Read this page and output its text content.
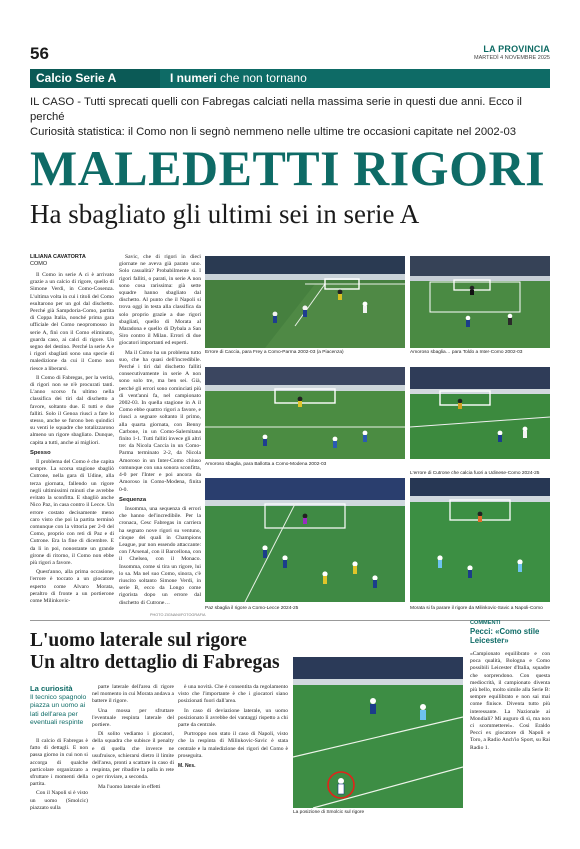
56	LA PROVINCIA
MARTEDÌ 4 NOVEMBRE 2025
Calcio Serie A	I numeri che non tornano
IL CASO - Tutti sprecati quelli con Fabregas calciati nella massima serie in questi due anni. Ecco il perché
Curiosità statistica: il Como non li segnò nemmeno nelle ultime tre occasioni capitate nel 2002-03
MALEDETTI RIGORI
Ha sbagliato gli ultimi sei in serie A
LILIANA CAVATORTA
COMO

Il Como in serie A ci è arrivato grazie a un calcio di rigore, quello di Simone Verdi, in Como-Cosenza. L'ultima volta in cui i titoli del Como esultarono per un gol dal dischetto. Perché già Sampdoria-Como, partita di Coppa Italia, nonché prima gara ufficiale del Como neopromosso in serie A, finì con il Como eliminato, guarda caso, ai calci di rigore. Un segno del destino. Perché la serie A e i rigori sbagliati sono una specie di maledizione da cui il Como non riesce a liberarsi.

Il Como di Fabregas, per la verità, di rigori non se n'è procurati tanti. L'anno scorso fu ultimo nella classifica dei tiri dal dischetto a favore, soltanto due. E tutti e due falliti. Solo il Genoa riuscì a fare lo stesso, anche se furono ben quindici su venti le squadre che totalizzarono almeno un rigore sbagliato. Dunque, capita a tutti, anche ai migliori.

Spesso

Il problema del Como è che capita sempre. La scorsa stagione sbagliò Cutrone, nella gara di Udine, alla terza giornata, fallendo un rigore negli ultimissimi minuti che avrebbe evitato la sconfitta. E sbagliò anche Nico Paz, in casa contro il Lecce. Un errore costato decisamente meno caro visto che poi la partita terminò comunque con la vittoria per 2-0 del Como, proprio con reti di Paz e di Cutrone. Era la fine di dicembre. E da lì in poi, nonostante un grande girone di ritorno, il Como non ebbe più rigori a favore.

Quest'anno, alla prima occasione, l'errore è toccato a un giocatore esperto come Alvaro Morata, peraltro di fronte a un portierone come Milinkovic-

Savic, che di rigori in dieci giornate ne aveva già parato uno. Solo casualità? Probabilmente sì. I rigori falliti, o parati, in serie A non sono cosa rarissima: già sette squadre hanno sbagliato dal dischetto. Al punto che il Napoli si trova oggi in testa alla classifica da solo proprio grazie a due rigori sbagliati, quello di Morata al Maradona e quello di Dybala a San Siro contro il Milan. Errori di due giocatori importanti ed esperti.

Ma il Como ha un problema tutto suo, che ha quasi dell'incredibile. Perché i tiri dal dischetto falliti consecutivamente in serie A non sono solo tre, ma ben sei. Già, perché gli errori sono cominciati più di vent'anni fa, nel campionato 2002-03. In quella stagione in A il Como ebbe quattro rigori a favore, e riuscì a segnare soltanto il primo, alla quarta giornata, con Benny Carbone, in un Como-Salernitana finito 1-1. Tutti falliti invece gli altri tre: da Nicola Caccia in un Como-Parma terminato 2-2, da Nicola Amoroso in un Inter-Como chiuso comunque con una sonora sconfitta, 4-0 per l'Inter e poi ancora da Amoroso in Como-Modena, finita 0-0.

Sequenza

Insomma, una sequenza di errori che hanno del'incredibile. Per la cronaca, Cesc Fabregas in carriera ha segnato nove rigori su ventuno, cinque dei quali in Champions League, pur non essendo attaccante: con l'Arsenal, con il Barcellona, con il Chelsea, con il Monaco. Insomma, come si tira un rigore, lui lo sa. Ma nel suo Como, sinora, c'è riuscito soltanto Simone Verdi, in serie B, ecco da Longo come rigorista dopo un errore dal dischetto di Cutrone…

Errore di Caccia, para Frey a Como-Parma 2002-03 (a Piacenza)	Amoroso sbaglia… para Toldo a Inter-Como 2002-03
Amoroso sbaglia, para Ballotta a Como-Modena 2002-03
L'errore di Cutrone che calcia fuori a Udinese-Como 2024-25
Paz sbaglia il rigore a Como-Lecce 2024-25	Morata si fa parare il rigore da Milinkovic-Savic a Napoli-Como
PHOTO ZIGNANI/FOTOGRAFIA
L'uomo laterale sul rigore
Un altro dettaglio di Fabregas
La curiosità
Il tecnico spagnolo piazza un uomo ai lati dell'area per eventuali respinte

Il calcio di Fabregas è fatto di dettagli. E non passa giorno in cui non si accorga di qualche particolare organizzato a sfruttare i momenti della partita.

Con il Napoli si è visto un uomo (Smolcic) piazzato sulla

parte laterale dell'area di rigore nel momento in cui Morata andava a battere il rigore.

Una mossa per sfruttare l'eventuale respinta laterale del portiere.

Di solito vediamo i giocatori, della squadra che subisce il penalty e di quella che inverce ne usufruisce, schierarsi dietro il limite dell'area, pronti a scattare in caso di respinta, per ribadire la palla in rete o per rinviare, a seconda.

Ma l'uomo laterale in effetti

è una novità. Che è consentita da regolamento visto che l'importante è che i giocatori siano posizionati fuori dall'area.

In caso di deviazione laterale, un uomo posizionato lì avrebbe dei vantaggi rispetto a chi parte da centrale.

Purtroppo non stato il caso di Napoli, visto che la respinta di Milinkovic-Savic è stata centrale e la maledizione dei rigori del Como è proseguita.

M. Nes.

La posizione di Smolcic sul rigore
COMMENTI
Pecci: «Como stile Leicester»
«Campionato equilibrato e con poca qualità, Bologna e Como possibili Leicester d'Italia, squadre che sorprendono. Con questa mediocrità, il campionato diventa più bello, molto simile alla Serie B: sempre equilibrato e non sai mai come finisce. Diventa tutto più interessante. La Nazionale ai Mondiali? Mi auguro di sì, ma non ci scommetterei». Così Eraldo Pecci ex giocatore di Napoli e Toro, a Radio Anch'io Sport, su Rai Radio 1.
